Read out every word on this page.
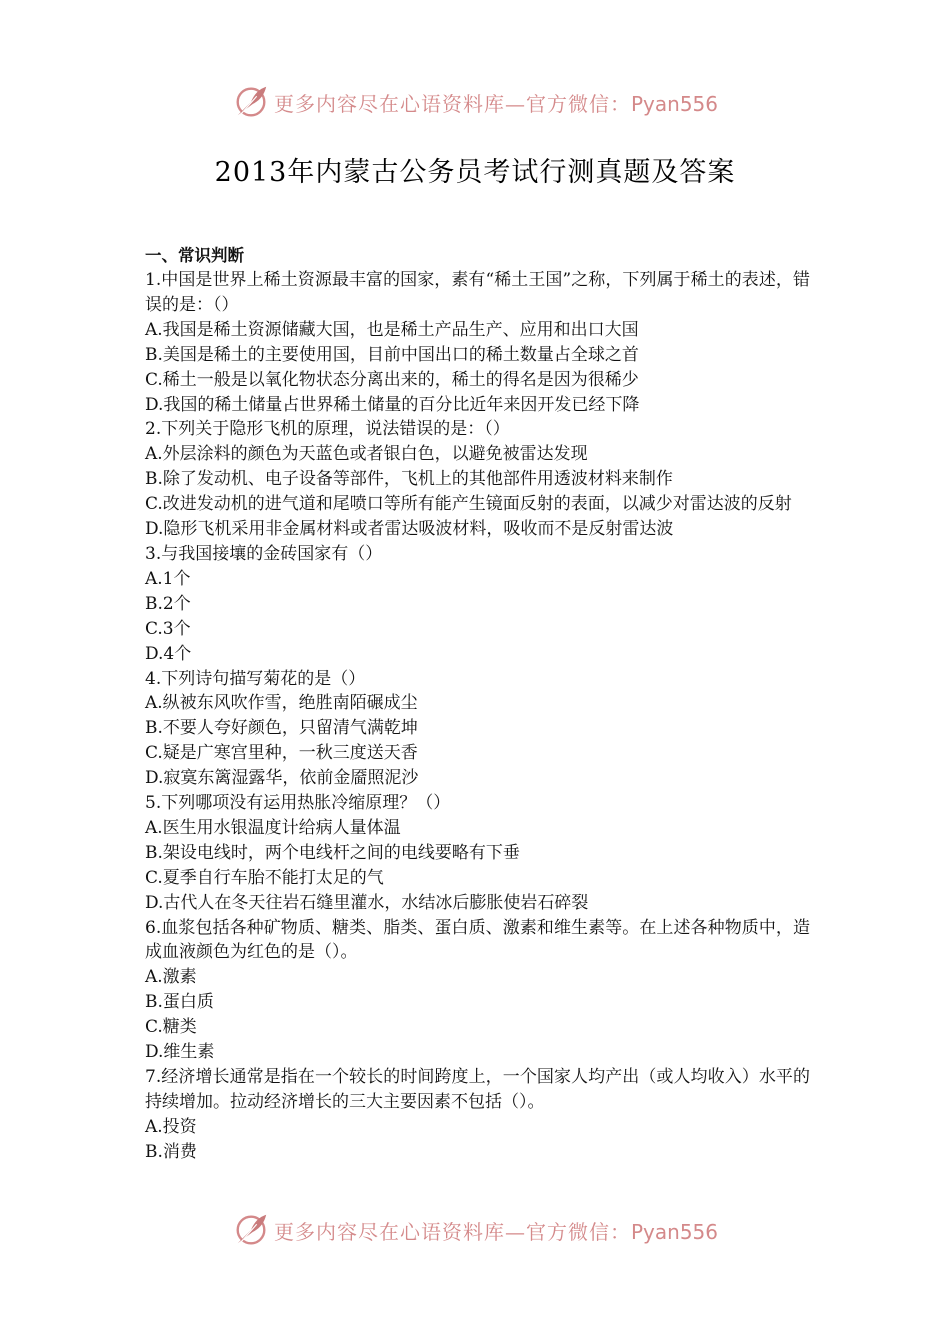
更多内容尽在心语资料库—官方微信：Pyan556
2013年内蒙古公务员考试行测真题及答案
一、常识判断
1.中国是世界上稀土资源最丰富的国家，素有“稀土王国”之称，下列属于稀土的表述，错误的是：（）
A.我国是稀土资源储藏大国，也是稀土产品生产、应用和出口大国
B.美国是稀土的主要使用国，目前中国出口的稀土数量占全球之首
C.稀土一般是以氧化物状态分离出来的，稀土的得名是因为很稀少
D.我国的稀土储量占世界稀土储量的百分比近年来因开发已经下降
2.下列关于隐形飞机的原理，说法错误的是：（）
A.外层涂料的颜色为天蓝色或者银白色，以避免被雷达发现
B.除了发动机、电子设备等部件，飞机上的其他部件用透波材料来制作
C.改进发动机的进气道和尾喷口等所有能产生镜面反射的表面，以减少对雷达波的反射
D.隐形飞机采用非金属材料或者雷达吸波材料，吸收而不是反射雷达波
3.与我国接壤的金砖国家有（）
A.1个
B.2个
C.3个
D.4个
4.下列诗句描写菊花的是（）
A.纵被东风吹作雪，绝胜南陌碾成尘
B.不要人夸好颜色，只留清气满乾坤
C.疑是广寒宫里种，一秋三度送天香
D.寂寞东篱湿露华，依前金靥照泥沙
5.下列哪项没有运用热胀冷缩原理？（）
A.医生用水银温度计给病人量体温
B.架设电线时，两个电线杆之间的电线要略有下垂
C.夏季自行车胎不能打太足的气
D.古代人在冬天往岩石缝里灌水，水结冰后膨胀使岩石碎裂
6.血浆包括各种矿物质、糖类、脂类、蛋白质、激素和维生素等。在上述各种物质中，造成血液颜色为红色的是（）。
A.激素
B.蛋白质
C.糖类
D.维生素
7.经济增长通常是指在一个较长的时间跨度上，一个国家人均产出（或人均收入）水平的持续增加。拉动经济增长的三大主要因素不包括（）。
A.投资
B.消费
更多内容尽在心语资料库—官方微信：Pyan556
